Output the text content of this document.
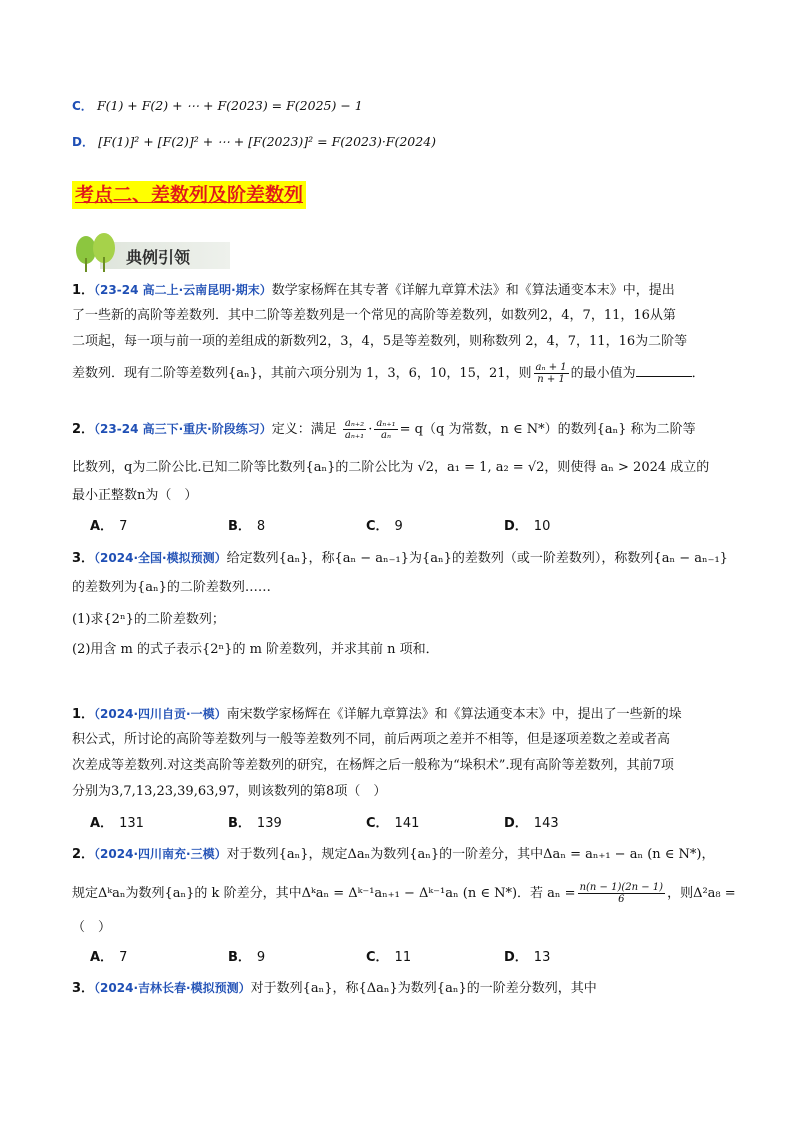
C． F(1) + F(2) + ⋯ + F(2023) = F(2025) − 1
D． [F(1)]² + [F(2)]² + ⋯ + [F(2023)]² = F(2023)·F(2024)
考点二、差数列及阶差数列
典例引领
1．（23-24 高二上·云南昆明·期末）数学家杨辉在其专著《详解九章算术法》和《算法通变本末》中，提出
了一些新的高阶等差数列．其中二阶等差数列是一个常见的高阶等差数列，如数列2，4，7，11，16从第
二项起，每一项与前一项的差组成的新数列2，3，4，5是等差数列，则称数列 2，4，7，11，16为二阶等
差数列．现有二阶等差数列{aₙ}，其前六项分别为 1，3，6，10，15，21，则 $\frac{\text{aₙ + 1}}{n + 1}$ 的最小值为	．
2．（23-24 高三下·重庆·阶段练习）定义：满足 $\frac{\text{aₙ₊₂}}{\text{aₙ₊₁}} \cdot \frac{\text{aₙ₊₁}}{\text{aₙ}} = q(q$ 为常数，n ∈ N*）的数列{aₙ} 称为二阶等
比数列，q为二阶公比.已知二阶等比数列{aₙ}的二阶公比为 √2，a₁ = 1, a₂ = √2，则使得 aₙ > 2024 成立的
最小正整数n为（　）
A． 7	B． 8	C． 9	D． 10
3．（2024·全国·模拟预测）给定数列{aₙ}，称{aₙ − aₙ₋₁}为{aₙ}的差数列（或一阶差数列），称数列{aₙ − aₙ₋₁}
的差数列为{aₙ}的二阶差数列……
(1)求{2ⁿ}的二阶差数列；
(2)用含 m 的式子表示{2ⁿ}的 m 阶差数列，并求其前 n 项和．
1．（2024·四川自贡·一模）南宋数学家杨辉在《详解九章算法》和《算法通变本末》中，提出了一些新的垛
积公式，所讨论的高阶等差数列与一般等差数列不同，前后两项之差并不相等，但是逐项差数之差或者高
次差成等差数列.对这类高阶等差数列的研究，在杨辉之后一般称为“垛积术”.现有高阶等差数列，其前7项
分别为3,7,13,23,39,63,97，则该数列的第8项（　）
A． 131	B． 139	C． 141	D． 143
2．（2024·四川南充·三模）对于数列{aₙ}，规定Δaₙ为数列{aₙ}的一阶差分，其中Δaₙ = aₙ₊₁ − aₙ (n ∈ N*)，
规定Δᵏaₙ为数列{aₙ}的 k 阶差分，其中Δᵏaₙ = Δᵏ⁻¹aₙ₊₁ − Δᵏ⁻¹aₙ (n ∈ N*)．若 $a_n = \frac{n(n - 1)(2n - 1)}{6}$ ，则Δ²a₈ =
（　）
A． 7	B． 9	C． 11	D． 13
3．（2024·吉林长春·模拟预测）对于数列{aₙ}，称{Δaₙ}为数列{aₙ}的一阶差分数列，其中
